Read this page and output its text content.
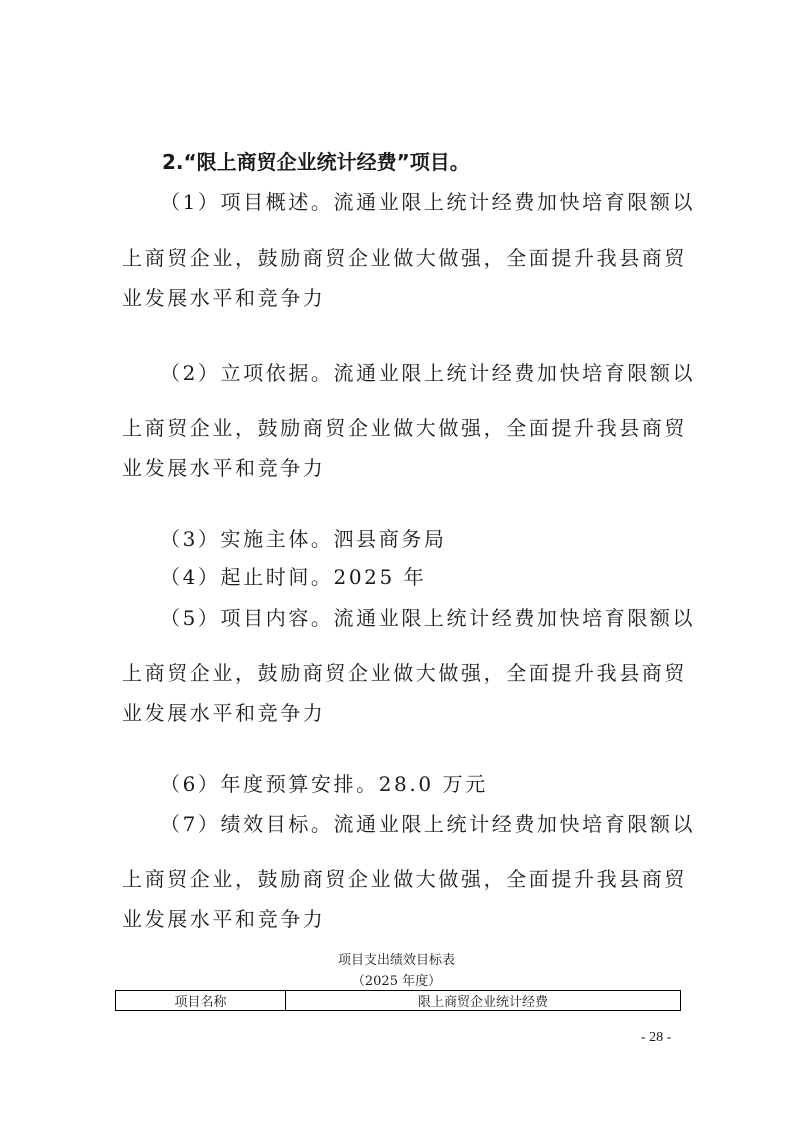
2.“限上商贸企业统计经费”项目。
（1）项目概述。流通业限上统计经费加快培育限额以
上商贸企业，鼓励商贸企业做大做强，全面提升我县商贸
业发展水平和竞争力
（2）立项依据。流通业限上统计经费加快培育限额以
上商贸企业，鼓励商贸企业做大做强，全面提升我县商贸
业发展水平和竞争力
（3）实施主体。泗县商务局
（4）起止时间。2025 年
（5）项目内容。流通业限上统计经费加快培育限额以
上商贸企业，鼓励商贸企业做大做强，全面提升我县商贸
业发展水平和竞争力
（6）年度预算安排。28.0 万元
（7）绩效目标。流通业限上统计经费加快培育限额以
上商贸企业，鼓励商贸企业做大做强，全面提升我县商贸
业发展水平和竞争力
项目支出绩效目标表
（2025 年度）
项目名称	限上商贸企业统计经费
- 28 -
